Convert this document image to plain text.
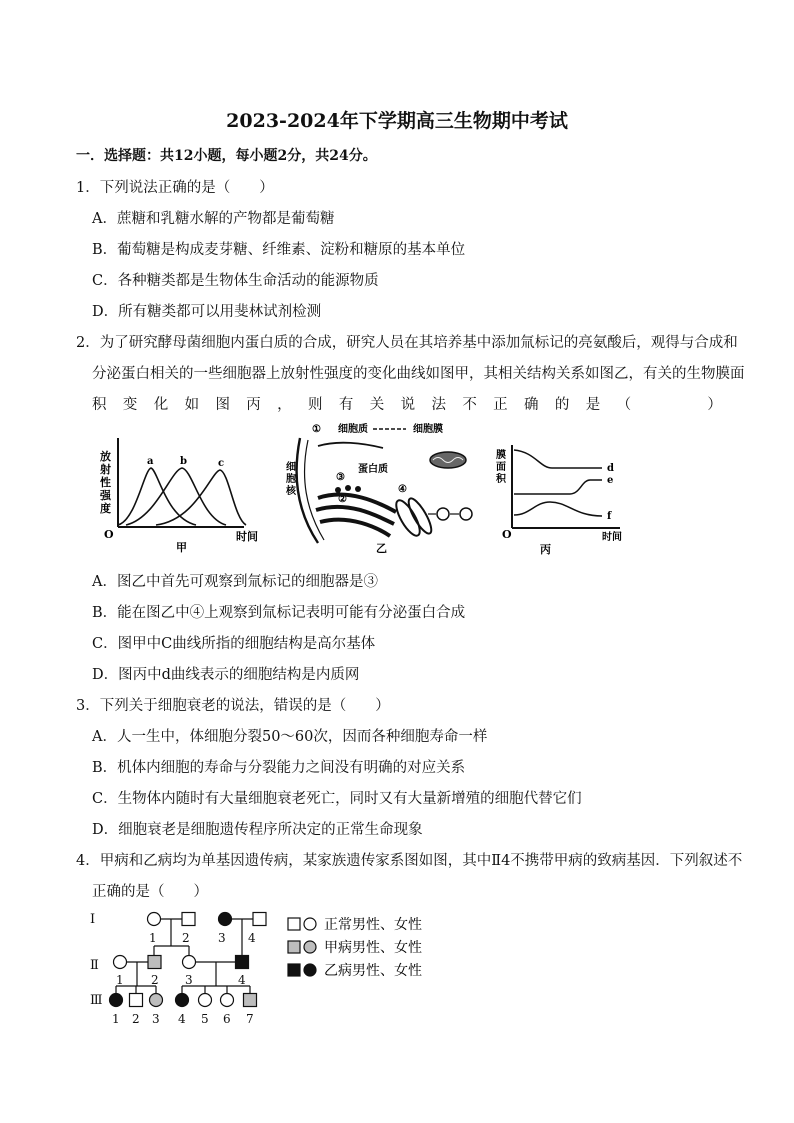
2023-2024年下学期高三生物期中考试
一．选择题：共12小题，每小题2分，共24分。
1．下列说法正确的是（　　）
A．蔗糖和乳糖水解的产物都是葡萄糖
B．葡萄糖是构成麦芽糖、纤维素、淀粉和糖原的基本单位
C．各种糖类都是生物体生命活动的能源物质
D．所有糖类都可以用斐林试剂检测
2．为了研究酵母菌细胞内蛋白质的合成，研究人员在其培养基中添加氚标记的亮氨酸后，观得与合成和
分泌蛋白相关的一些细胞器上放射性强度的变化曲线如图甲，其相关结构关系如图乙，有关的生物膜面
积 变 化 如 图 丙 ， 则 有 关 说 法 不 正 确 的 是 （
　　　	）
放
射
性
强
度
a	b	c
O	时间
甲
细
胞
核
① 细胞质	细胞膜
③
蛋白质
②
④
乙
膜
面
积
d
e
f
O	时间
丙
A．图乙中首先可观察到氚标记的细胞器是③
B．能在图乙中④上观察到氚标记表明可能有分泌蛋白合成
C．图甲中C曲线所指的细胞结构是高尔基体
D．图丙中d曲线表示的细胞结构是内质网
3．下列关于细胞衰老的说法，错误的是（　　）
A．人一生中，体细胞分裂50～60次，因而各种细胞寿命一样
B．机体内细胞的寿命与分裂能力之间没有明确的对应关系
C．生物体内随时有大量细胞衰老死亡，同时又有大量新增殖的细胞代替它们
D．细胞衰老是细胞遗传程序所决定的正常生命现象
4．甲病和乙病均为单基因遗传病，某家族遗传家系图如图，其中Ⅱ4不携带甲病的致病基因．下列叙述不
正确的是（　　）
Ⅰ
Ⅱ
Ⅲ
1 2 3 4
1 2 3	4
1 2 3 4 5 6 7
正常男性、女性
甲病男性、女性
乙病男性、女性
